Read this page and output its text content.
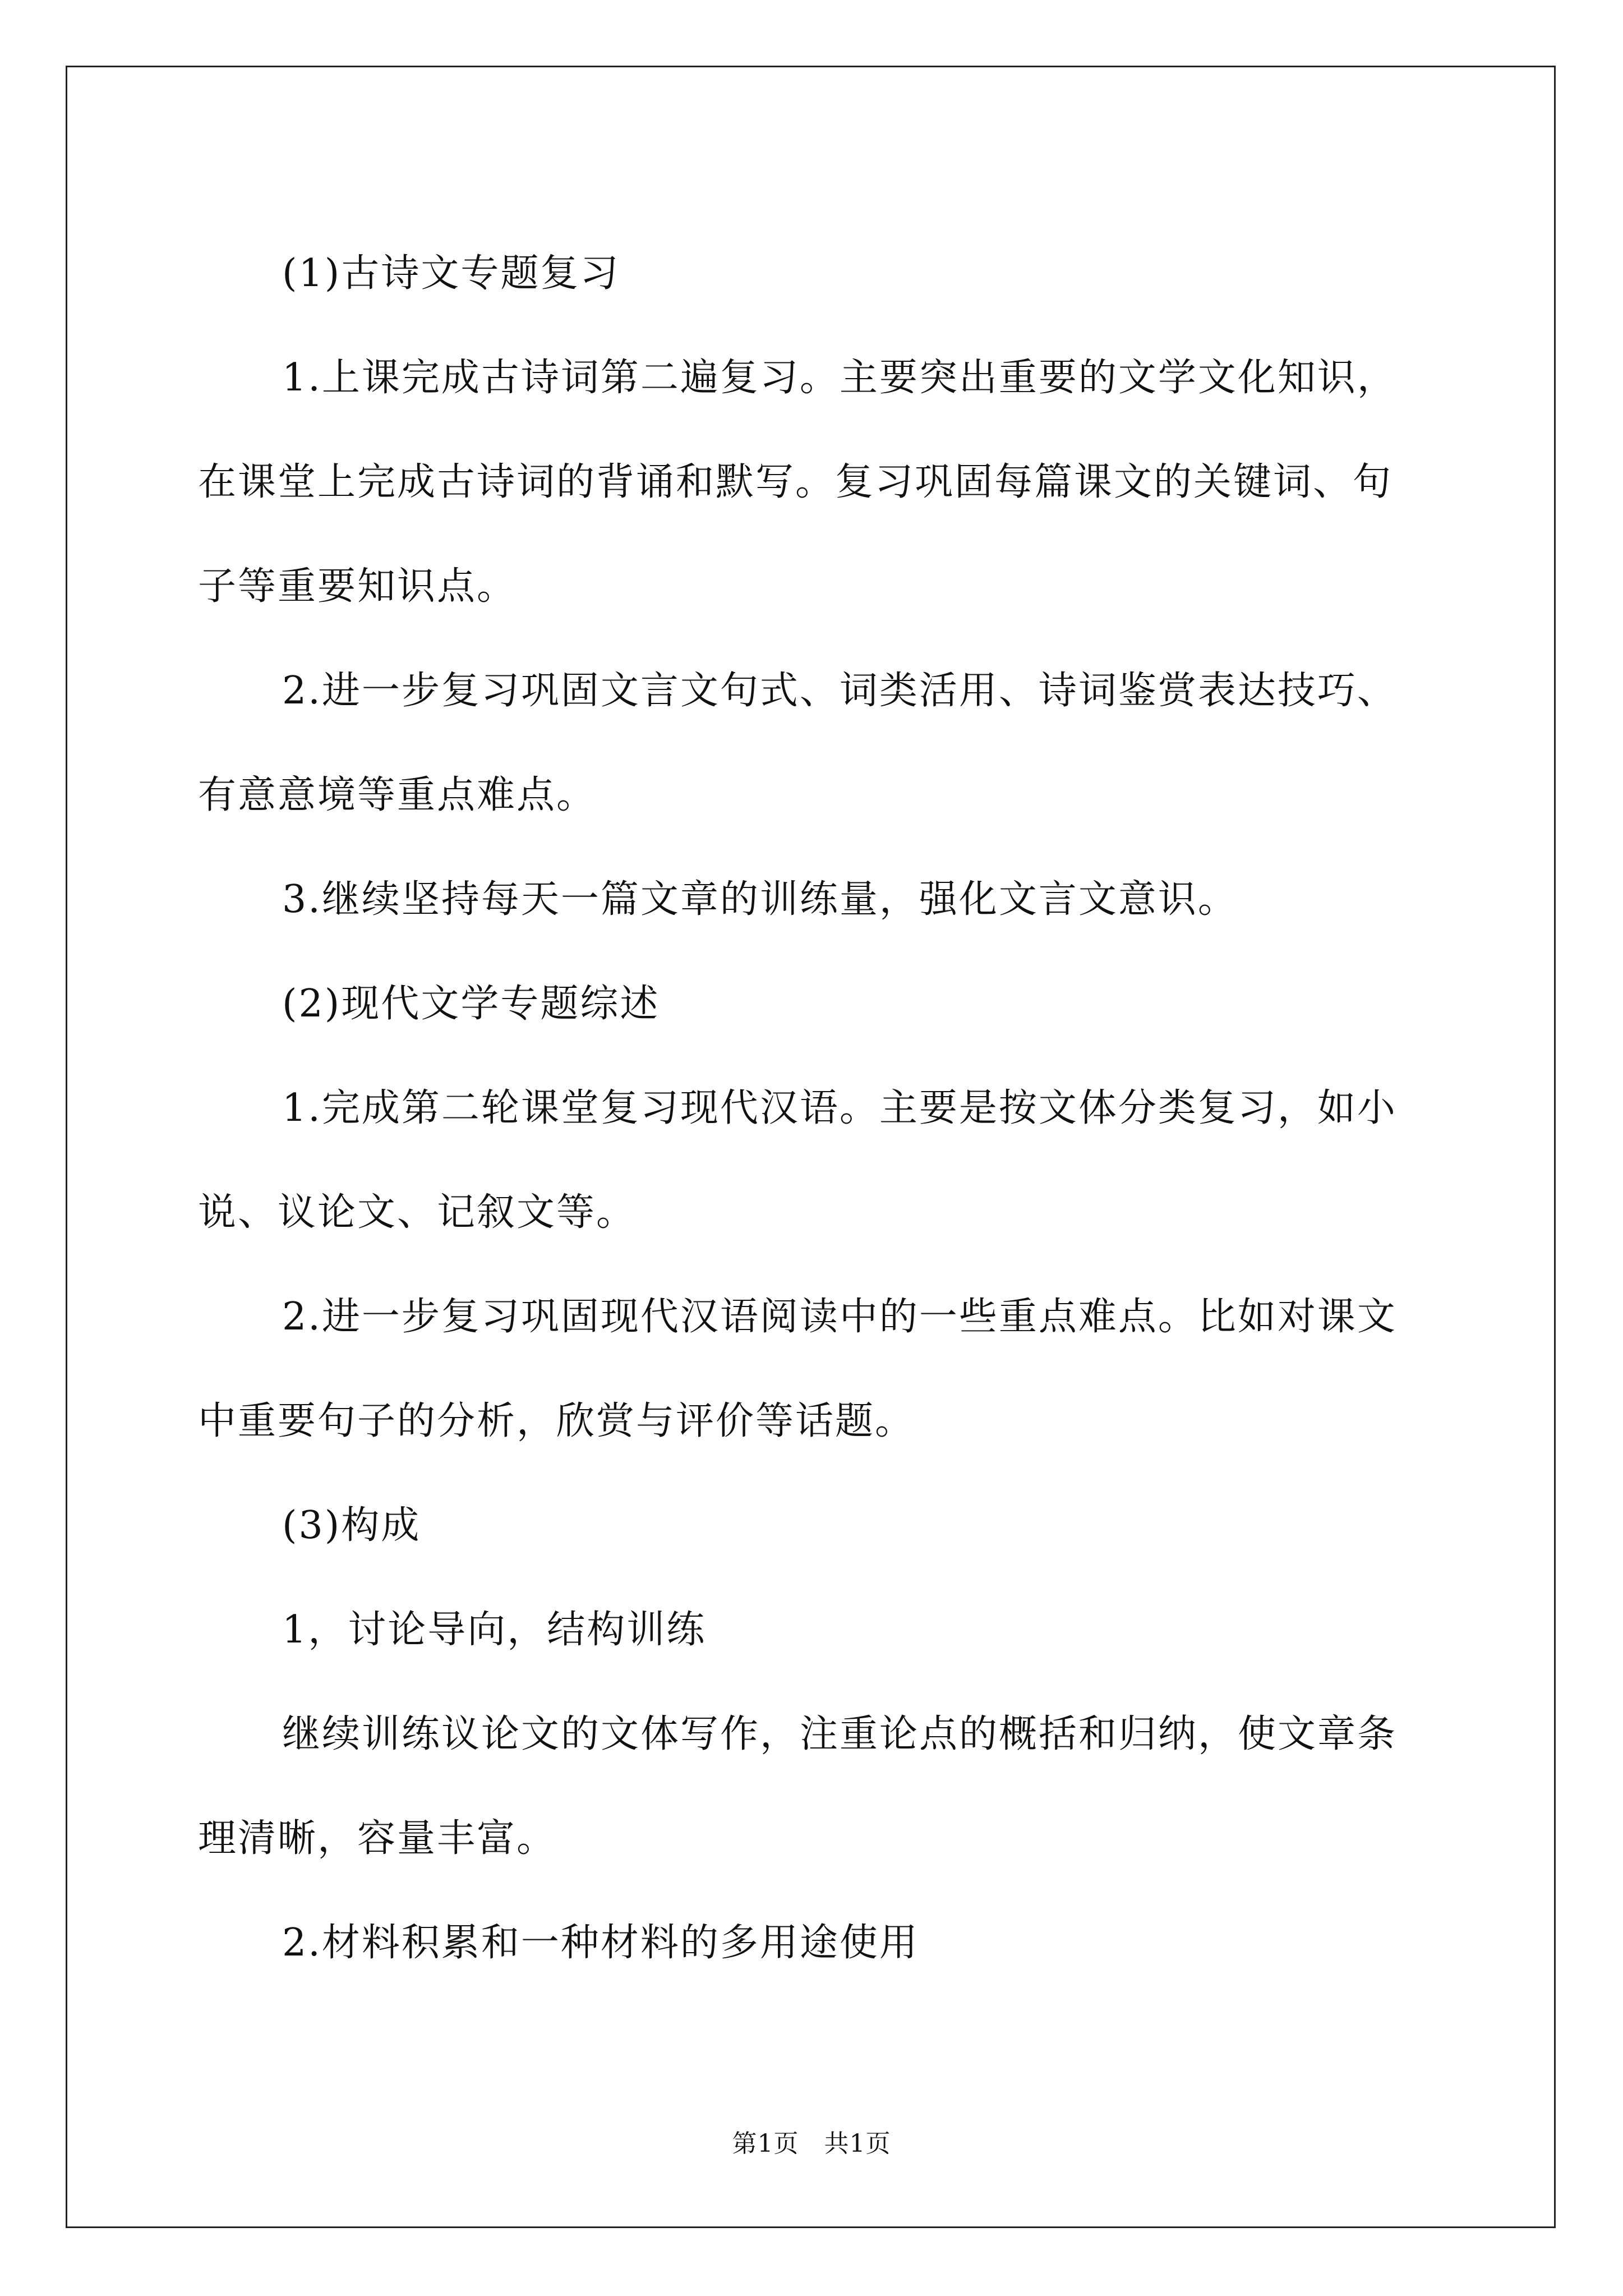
(1)古诗文专题复习

1.上课完成古诗词第二遍复习。主要突出重要的文学文化知识，在课堂上完成古诗词的背诵和默写。复习巩固每篇课文的关键词、句子等重要知识点。

2.进一步复习巩固文言文句式、词类活用、诗词鉴赏表达技巧、有意意境等重点难点。

3.继续坚持每天一篇文章的训练量，强化文言文意识。

(2)现代文学专题综述

1.完成第二轮课堂复习现代汉语。主要是按文体分类复习，如小说、议论文、记叙文等。

2.进一步复习巩固现代汉语阅读中的一些重点难点。比如对课文中重要句子的分析，欣赏与评价等话题。

(3)构成

1，讨论导向，结构训练

继续训练议论文的文体写作，注重论点的概括和归纳，使文章条理清晰，容量丰富。

2.材料积累和一种材料的多用途使用

第1页　共1页
